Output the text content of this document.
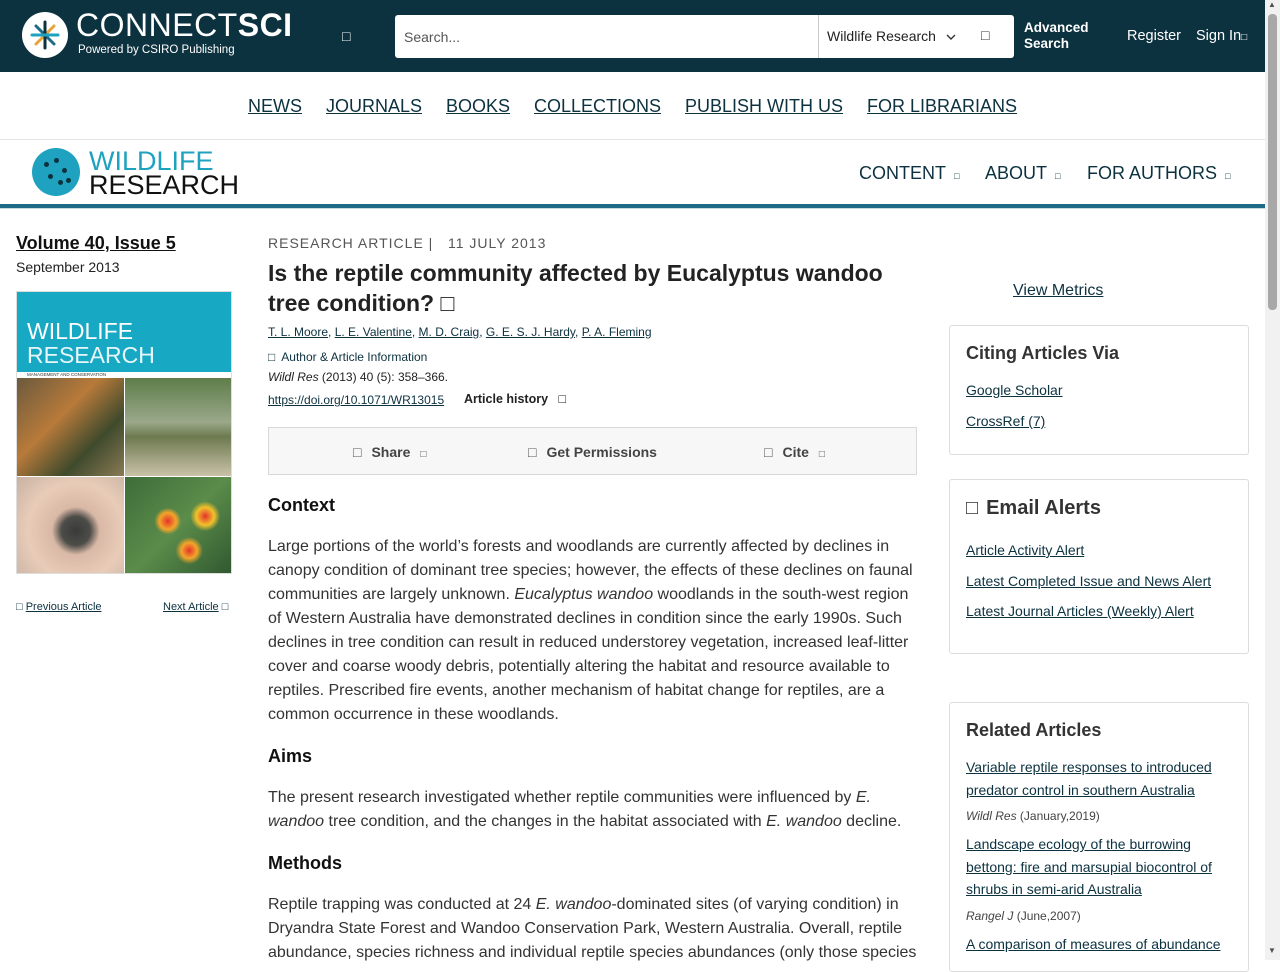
CONNECTSCI
Powered by CSIRO Publishing
□
Search...	Wildlife Research	□	Advanced Search	Register Sign In□
▲
▼
NEWS JOURNALS BOOKS COLLECTIONS PUBLISH WITH US FOR LIBRARIANS
WILDLIFE
RESEARCH	CONTENT □ ABOUT □ FOR AUTHORS □
Volume 40, Issue 5
September 2013
WILDLIFE
RESEARCH
MANAGEMENT AND CONSERVATION
□ Previous Article	Next Article □
RESEARCH ARTICLE | 11 JULY 2013
Is the reptile community affected by Eucalyptus wandoo tree condition? □
T. L. Moore, L. E. Valentine, M. D. Craig, G. E. S. J. Hardy, P. A. Fleming
□ Author & Article Information
Wildl Res (2013) 40 (5): 358–366.
https://doi.org/10.1071/WR13015 Article history □
□ Share □	□ Get Permissions	□ Cite □
Context
Large portions of the world’s forests and woodlands are currently affected by declines in canopy condition of dominant tree species; however, the effects of these declines on faunal communities are largely unknown. Eucalyptus wandoo woodlands in the south-west region of Western Australia have demonstrated declines in condition since the early 1990s. Such declines in tree condition can result in reduced understorey vegetation, increased leaf-litter cover and coarse woody debris, potentially altering the habitat and resource available to reptiles. Prescribed fire events, another mechanism of habitat change for reptiles, are a common occurrence in these woodlands.
Aims
The present research investigated whether reptile communities were influenced by E. wandoo tree condition, and the changes in the habitat associated with E. wandoo decline.
Methods
Reptile trapping was conducted at 24 E. wandoo-dominated sites (of varying condition) in Dryandra State Forest and Wandoo Conservation Park, Western Australia. Overall, reptile abundance, species richness and individual reptile species abundances (only those species
View Metrics
Citing Articles Via
Google Scholar
CrossRef (7)
□ Email Alerts
Article Activity Alert
Latest Completed Issue and News Alert
Latest Journal Articles (Weekly) Alert
Related Articles
Variable reptile responses to introduced predator control in southern Australia
Wildl Res (January,2019)
Landscape ecology of the burrowing bettong: fire and marsupial biocontrol of shrubs in semi-arid Australia
Rangel J (June,2007)
A comparison of measures of abundance
